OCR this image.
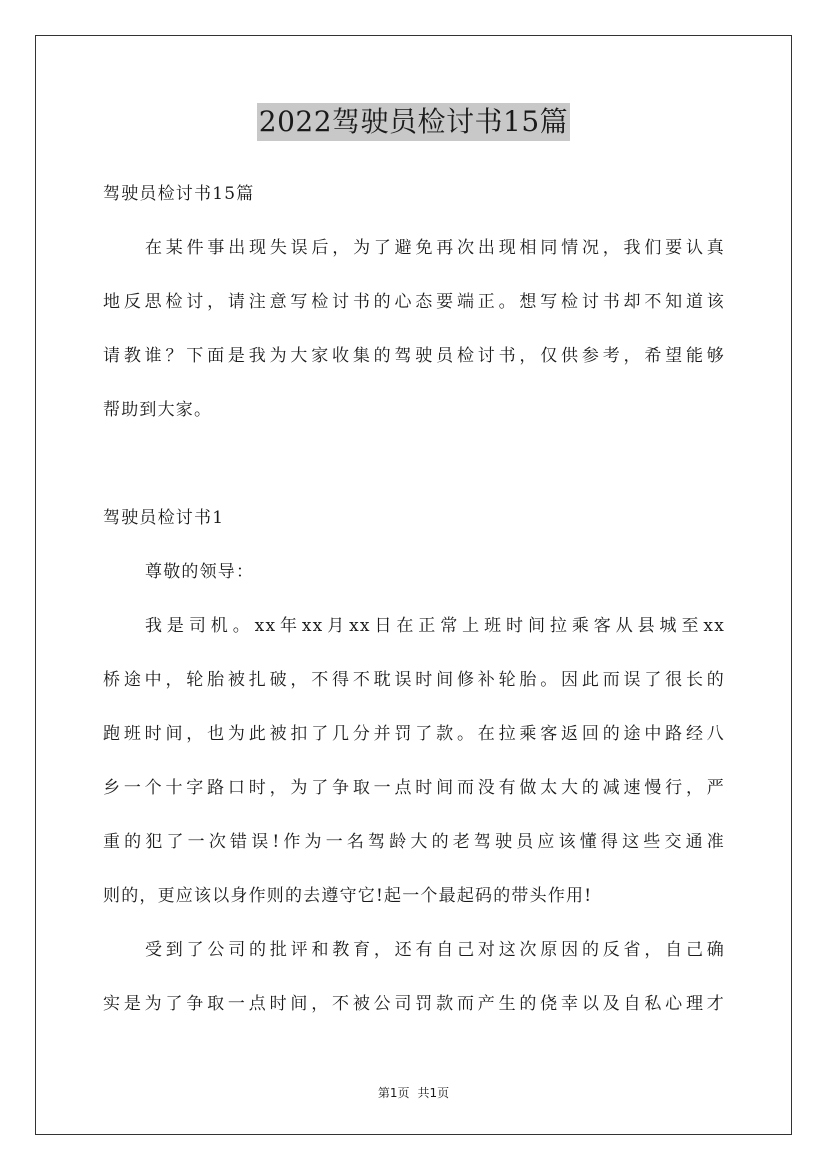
2022驾驶员检讨书15篇
驾驶员检讨书15篇
在某件事出现失误后，为了避免再次出现相同情况，我们要认真
地反思检讨，请注意写检讨书的心态要端正。想写检讨书却不知道该
请教谁？下面是我为大家收集的驾驶员检讨书，仅供参考，希望能够
帮助到大家。
驾驶员检讨书1
尊敬的领导：
我是司机。xx年xx月xx日在正常上班时间拉乘客从县城至xx
桥途中，轮胎被扎破，不得不耽误时间修补轮胎。因此而误了很长的
跑班时间，也为此被扣了几分并罚了款。在拉乘客返回的途中路经八
乡一个十字路口时，为了争取一点时间而没有做太大的减速慢行，严
重的犯了一次错误!作为一名驾龄大的老驾驶员应该懂得这些交通准
则的，更应该以身作则的去遵守它!起一个最起码的带头作用!
受到了公司的批评和教育，还有自己对这次原因的反省，自己确
实是为了争取一点时间，不被公司罚款而产生的侥幸以及自私心理才
第1页 共1页
